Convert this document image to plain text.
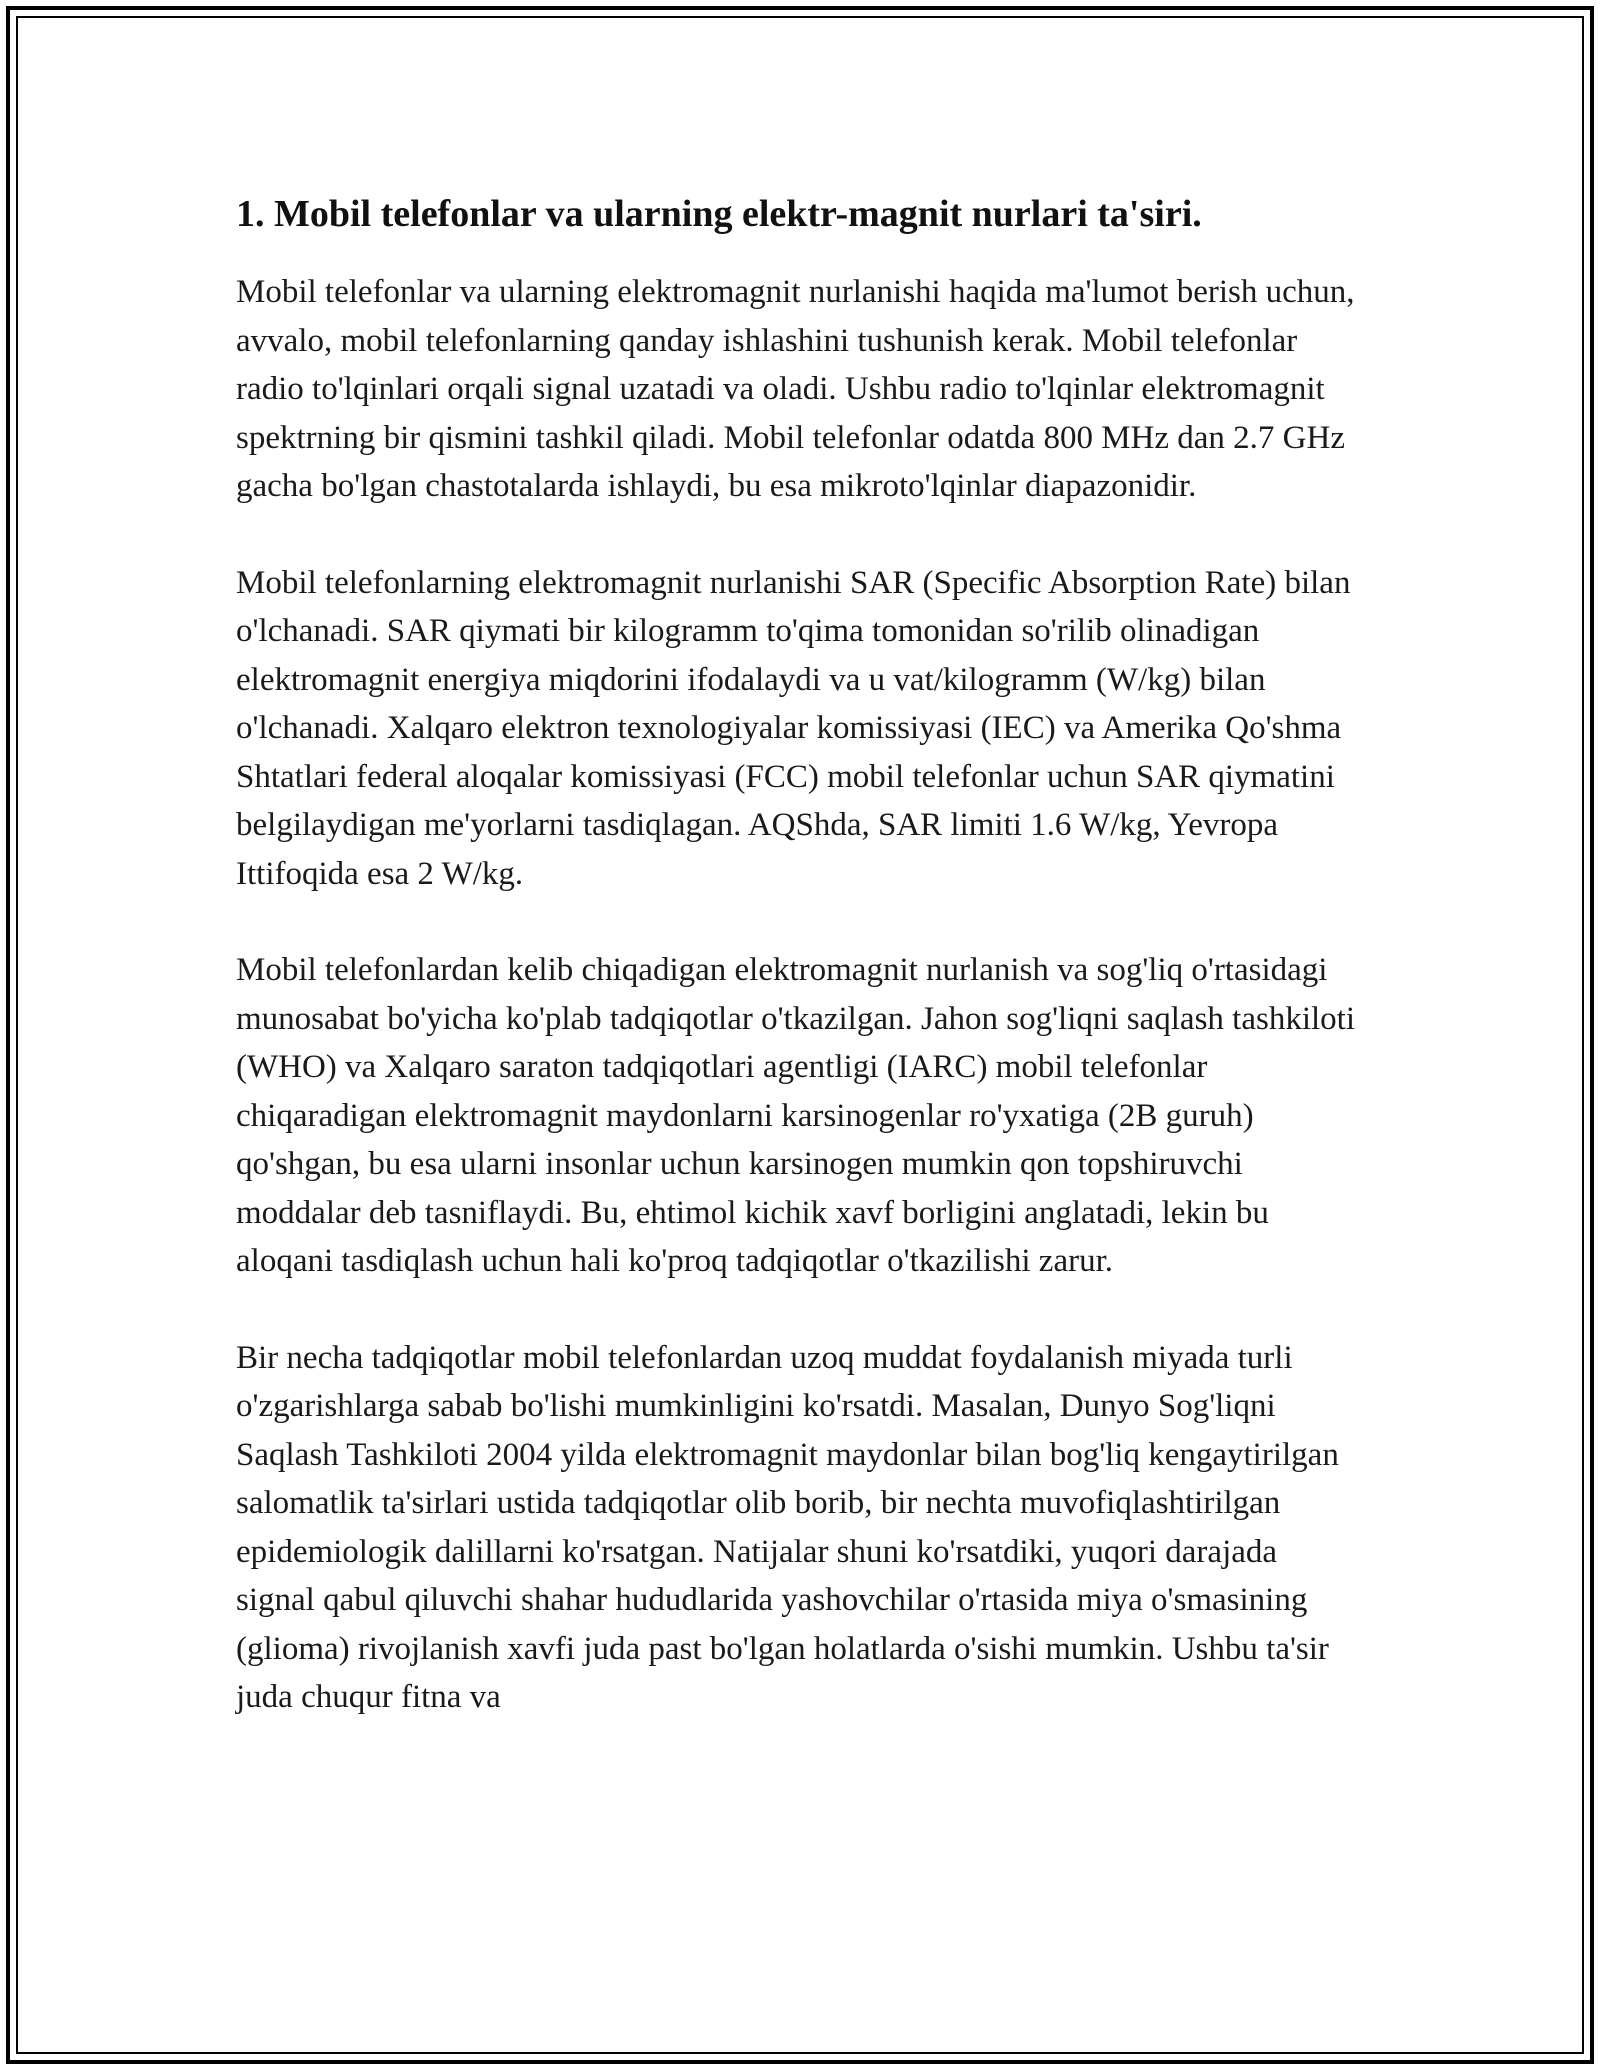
1. Mobil telefonlar va ularning elektr-magnit nurlari ta'siri.

Mobil telefonlar va ularning elektromagnit nurlanishi haqida ma'lumot berish uchun, avvalo, mobil telefonlarning qanday ishlashini tushunish kerak. Mobil telefonlar radio to'lqinlari orqali signal uzatadi va oladi. Ushbu radio to'lqinlar elektromagnit spektrning bir qismini tashkil qiladi. Mobil telefonlar odatda 800 MHz dan 2.7 GHz gacha bo'lgan chastotalarda ishlaydi, bu esa mikroto'lqinlar diapazonidir.

Mobil telefonlarning elektromagnit nurlanishi SAR (Specific Absorption Rate) bilan o'lchanadi. SAR qiymati bir kilogramm to'qima tomonidan so'rilib olinadigan elektromagnit energiya miqdorini ifodalaydi va u vat/kilogramm (W/kg) bilan o'lchanadi. Xalqaro elektron texnologiyalar komissiyasi (IEC) va Amerika Qo'shma Shtatlari federal aloqalar komissiyasi (FCC) mobil telefonlar uchun SAR qiymatini belgilaydigan me'yorlarni tasdiqlagan. AQShda, SAR limiti 1.6 W/kg, Yevropa Ittifoqida esa 2 W/kg.

Mobil telefonlardan kelib chiqadigan elektromagnit nurlanish va sog'liq o'rtasidagi munosabat bo'yicha ko'plab tadqiqotlar o'tkazilgan. Jahon sog'liqni saqlash tashkiloti (WHO) va Xalqaro saraton tadqiqotlari agentligi (IARC) mobil telefonlar chiqaradigan elektromagnit maydonlarni karsinogenlar ro'yxatiga (2B guruh) qo'shgan, bu esa ularni insonlar uchun karsinogen mumkin qon topshiruvchi moddalar deb tasniflaydi. Bu, ehtimol kichik xavf borligini anglatadi, lekin bu aloqani tasdiqlash uchun hali ko'proq tadqiqotlar o'tkazilishi zarur.

Bir necha tadqiqotlar mobil telefonlardan uzoq muddat foydalanish miyada turli o'zgarishlarga sabab bo'lishi mumkinligini ko'rsatdi. Masalan, Dunyo Sog'liqni Saqlash Tashkiloti 2004 yilda elektromagnit maydonlar bilan bog'liq kengaytirilgan salomatlik ta'sirlari ustida tadqiqotlar olib borib, bir nechta muvofiqlashtirilgan epidemiologik dalillarni ko'rsatgan. Natijalar shuni ko'rsatdiki, yuqori darajada signal qabul qiluvchi shahar hududlarida yashovchilar o'rtasida miya o'smasining (glioma) rivojlanish xavfi juda past bo'lgan holatlarda o'sishi mumkin. Ushbu ta'sir juda chuqur fitna va
